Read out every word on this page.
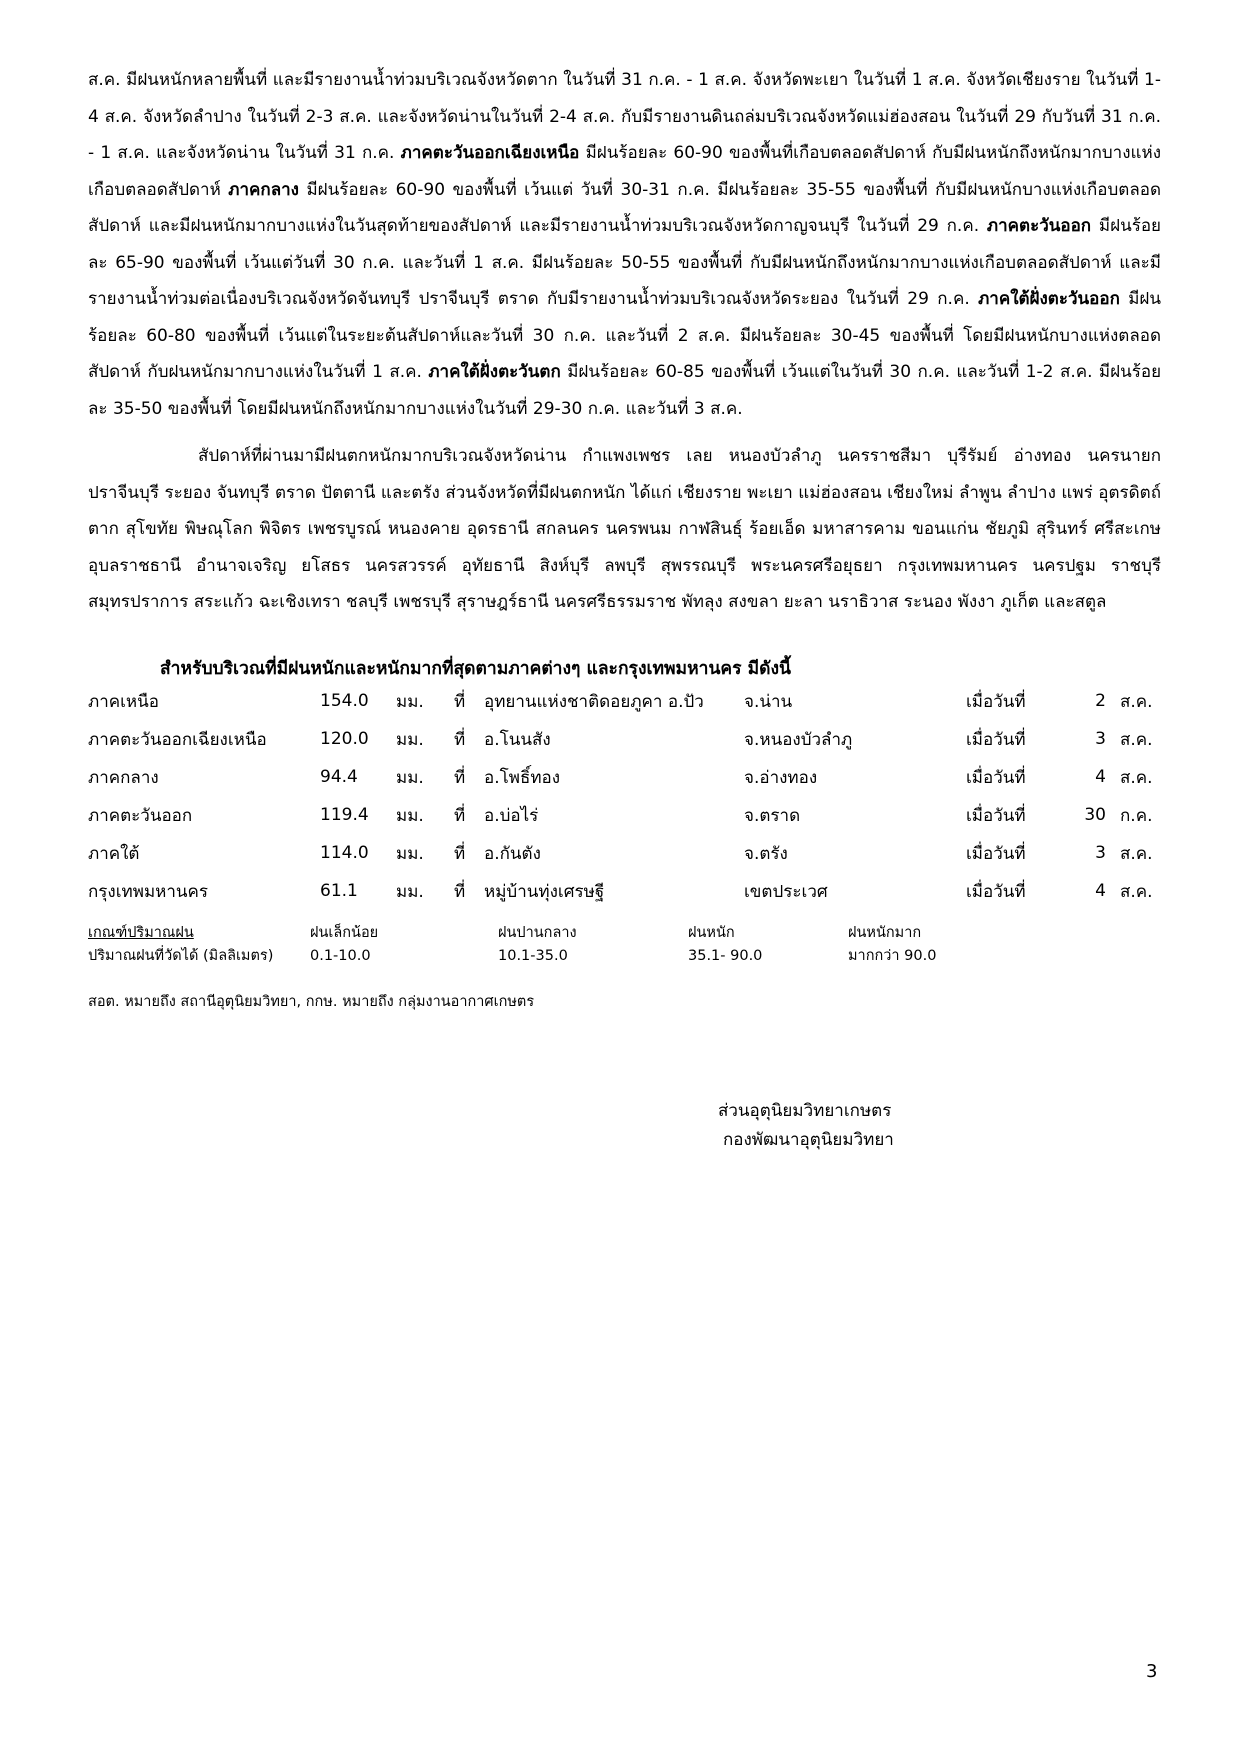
ส.ค. มีฝนหนักหลายพื้นที่ และมีรายงานน้ำท่วมบริเวณจังหวัดตาก ในวันที่ 31 ก.ค. - 1 ส.ค. จังหวัดพะเยา ในวันที่ 1 ส.ค. จังหวัดเชียงราย ในวันที่ 1-4 ส.ค. จังหวัดลำปาง ในวันที่ 2-3 ส.ค. และจังหวัดน่านในวันที่ 2-4 ส.ค. กับมีรายงานดินถล่มบริเวณจังหวัดแม่ฮ่องสอน ในวันที่ 29 กับวันที่ 31 ก.ค. - 1 ส.ค. และจังหวัดน่าน ในวันที่ 31 ก.ค. ภาคตะวันออกเฉียงเหนือ มีฝนร้อยละ 60-90 ของพื้นที่เกือบตลอดสัปดาห์ กับมีฝนหนักถึงหนักมากบางแห่งเกือบตลอดสัปดาห์ ภาคกลาง มีฝนร้อยละ 60-90 ของพื้นที่ เว้นแต่ วันที่ 30-31 ก.ค. มีฝนร้อยละ 35-55 ของพื้นที่ กับมีฝนหนักบางแห่งเกือบตลอดสัปดาห์ และมีฝนหนักมากบางแห่งในวันสุดท้ายของสัปดาห์ และมีรายงานน้ำท่วมบริเวณจังหวัดกาญจนบุรี ในวันที่ 29 ก.ค. ภาคตะวันออก มีฝนร้อยละ 65-90 ของพื้นที่ เว้นแต่วันที่ 30 ก.ค. และวันที่ 1 ส.ค. มีฝนร้อยละ 50-55 ของพื้นที่ กับมีฝนหนักถึงหนักมากบางแห่งเกือบตลอดสัปดาห์ และมีรายงานน้ำท่วมต่อเนื่องบริเวณจังหวัดจันทบุรี ปราจีนบุรี ตราด กับมีรายงานน้ำท่วมบริเวณจังหวัดระยอง ในวันที่ 29 ก.ค. ภาคใต้ฝั่งตะวันออก มีฝนร้อยละ 60-80 ของพื้นที่ เว้นแต่ในระยะต้นสัปดาห์และวันที่ 30 ก.ค. และวันที่ 2 ส.ค. มีฝนร้อยละ 30-45 ของพื้นที่ โดยมีฝนหนักบางแห่งตลอดสัปดาห์ กับฝนหนักมากบางแห่งในวันที่ 1 ส.ค. ภาคใต้ฝั่งตะวันตก มีฝนร้อยละ 60-85 ของพื้นที่ เว้นแต่ในวันที่ 30 ก.ค. และวันที่ 1-2 ส.ค. มีฝนร้อยละ 35-50 ของพื้นที่ โดยมีฝนหนักถึงหนักมากบางแห่งในวันที่ 29-30 ก.ค. และวันที่ 3 ส.ค.

สัปดาห์ที่ผ่านมามีฝนตกหนักมากบริเวณจังหวัดน่าน กำแพงเพชร เลย หนองบัวลำภู นครราชสีมา บุรีรัมย์ อ่างทอง นครนายก ปราจีนบุรี ระยอง จันทบุรี ตราด ปัตตานี และตรัง ส่วนจังหวัดที่มีฝนตกหนัก ได้แก่ เชียงราย พะเยา แม่ฮ่องสอน เชียงใหม่ ลำพูน ลำปาง แพร่ อุตรดิตถ์ ตาก สุโขทัย พิษณุโลก พิจิตร เพชรบูรณ์ หนองคาย อุดรธานี สกลนคร นครพนม กาฬสินธุ์ ร้อยเอ็ด มหาสารคาม ขอนแก่น ชัยภูมิ สุรินทร์ ศรีสะเกษ อุบลราชธานี อำนาจเจริญ ยโสธร นครสวรรค์ อุทัยธานี สิงห์บุรี ลพบุรี สุพรรณบุรี พระนครศรีอยุธยา กรุงเทพมหานคร นครปฐม ราชบุรี สมุทรปราการ สระแก้ว ฉะเชิงเทรา ชลบุรี เพชรบุรี สุราษฎร์ธานี นครศรีธรรมราช พัทลุง สงขลา ยะลา นราธิวาส ระนอง พังงา ภูเก็ต และสตูล

สำหรับบริเวณที่มีฝนหนักและหนักมากที่สุดตามภาคต่างๆ และกรุงเทพมหานคร มีดังนี้

ภาคเหนือ	154.0	มม.	ที่	อุทยานแห่งชาติดอยภูคา อ.ปัว	จ.น่าน	เมื่อวันที่	2	ส.ค.
ภาคตะวันออกเฉียงเหนือ	120.0	มม.	ที่	อ.โนนสัง	จ.หนองบัวลำภู	เมื่อวันที่	3	ส.ค.
ภาคกลาง	94.4	มม.	ที่	อ.โพธิ์ทอง	จ.อ่างทอง	เมื่อวันที่	4	ส.ค.
ภาคตะวันออก	119.4	มม.	ที่	อ.บ่อไร่	จ.ตราด	เมื่อวันที่	30	ก.ค.
ภาคใต้	114.0	มม.	ที่	อ.กันตัง	จ.ตรัง	เมื่อวันที่	3	ส.ค.
กรุงเทพมหานคร	61.1	มม.	ที่	หมู่บ้านทุ่งเศรษฐี	เขตประเวศ	เมื่อวันที่	4	ส.ค.
เกณฑ์ปริมาณฝน	ฝนเล็กน้อย	ฝนปานกลาง	ฝนหนัก	ฝนหนักมาก
ปริมาณฝนที่วัดได้ (มิลลิเมตร)	0.1-10.0	10.1-35.0	35.1- 90.0	มากกว่า 90.0

สอต. หมายถึง สถานีอุตุนิยมวิทยา, กกษ. หมายถึง กลุ่มงานอากาศเกษตร

ส่วนอุตุนิยมวิทยาเกษตร
กองพัฒนาอุตุนิยมวิทยา
3
